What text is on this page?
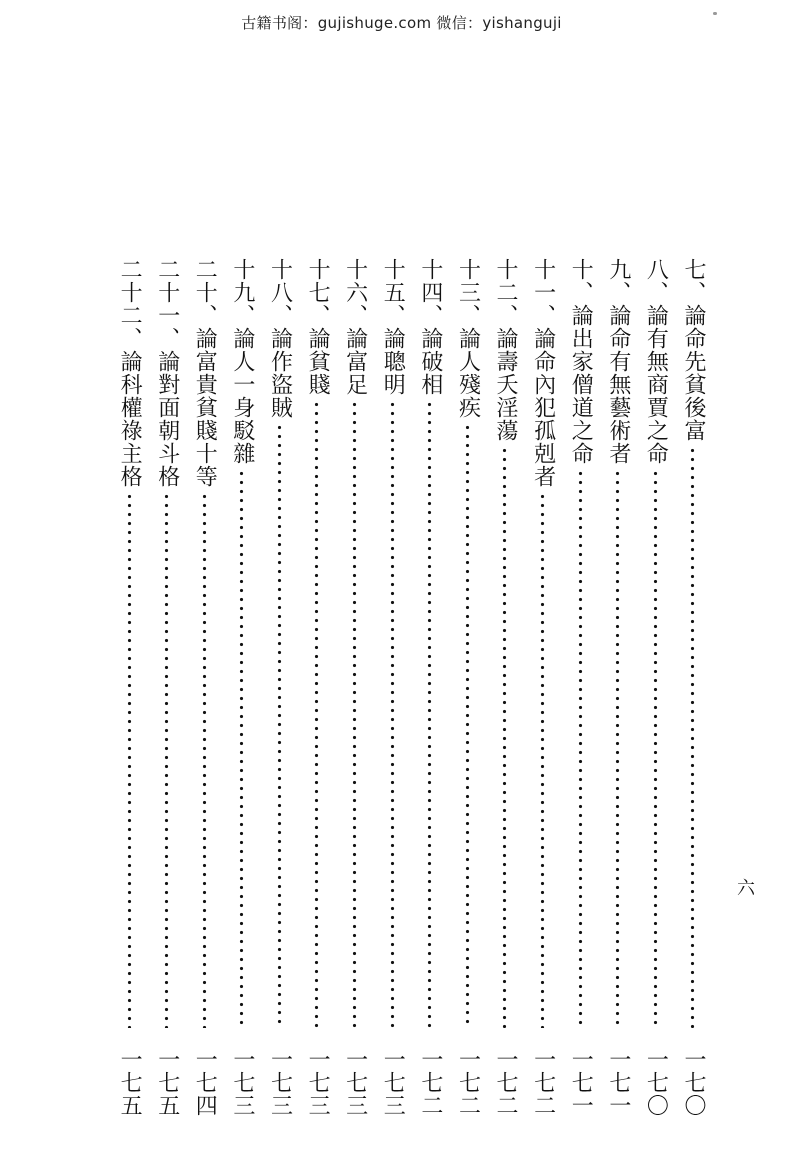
古籍书阁：gujishuge.com 微信：yishanguji
七、論命先貧後富
一七〇
八、論有無商賈之命
一七〇
九、論命有無藝術者
一七一
十、論出家僧道之命
一七一
十一、論命內犯孤剋者
一七二
十二、論壽夭淫蕩
一七二
十三、論人殘疾
一七二
十四、論破相
一七二
十五、論聰明
一七三
十六、論富足
一七三
十七、論貧賤
一七三
十八、論作盜賊
一七三
十九、論人一身駁雜
一七三
二十、論富貴貧賤十等
一七四
二十一、論對面朝斗格
一七五
二十二、論科權祿主格
一七五
六
